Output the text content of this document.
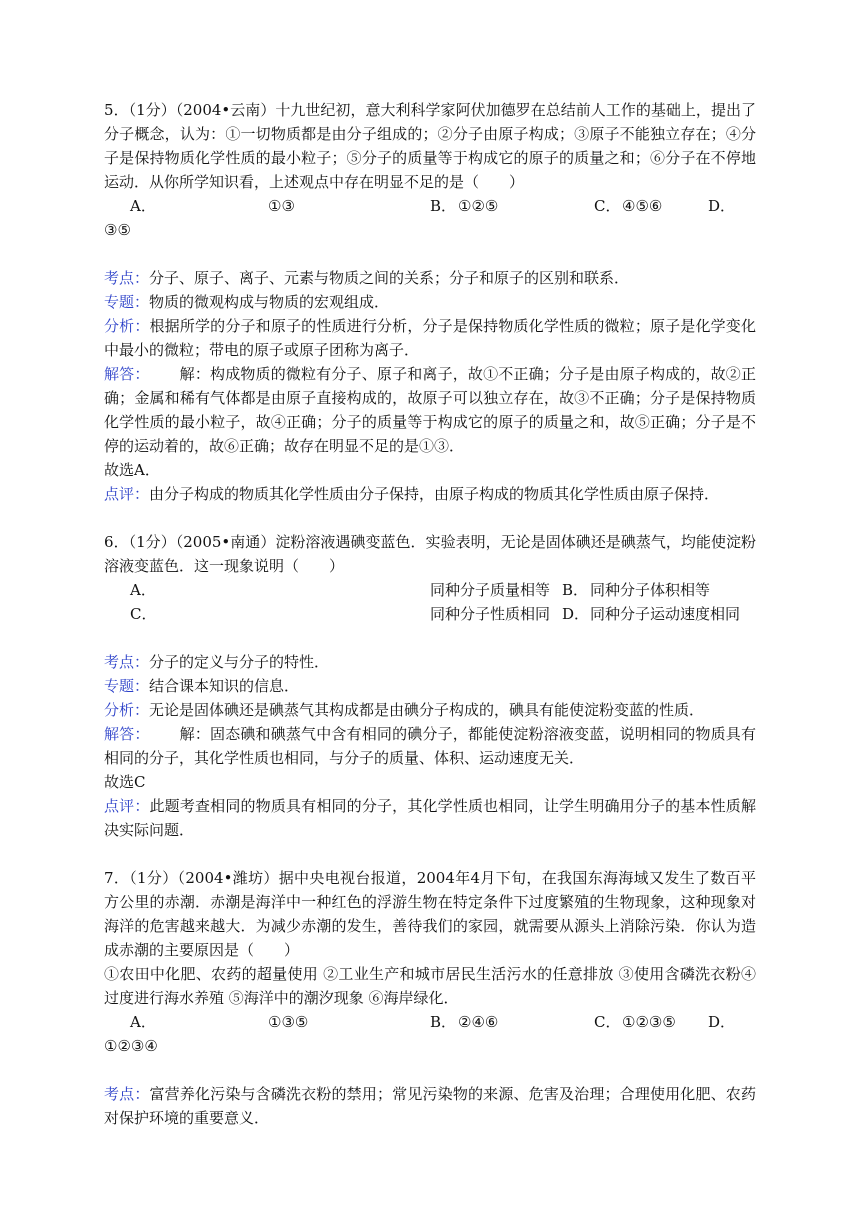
5．（1分）（2004•云南）十九世纪初，意大利科学家阿伏加德罗在总结前人工作的基础上，提出了分子概念，认为：①一切物质都是由分子组成的；②分子由原子构成；③原子不能独立存在；④分子是保持物质化学性质的最小粒子；⑤分子的质量等于构成它的原子的质量之和；⑥分子在不停地运动．从你所学知识看，上述观点中存在明显不足的是（　　）

A．	①③	B． ①②⑤	C． ④⑤⑥	D．
③⑤

考点：分子、原子、离子、元素与物质之间的关系；分子和原子的区别和联系．

专题：物质的微观构成与物质的宏观组成．

分析：根据所学的分子和原子的性质进行分析，分子是保持物质化学性质的微粒；原子是化学变化中最小的微粒；带电的原子或原子团称为离子．

解答： 解：构成物质的微粒有分子、原子和离子，故①不正确；分子是由原子构成的，故②正确；金属和稀有气体都是由原子直接构成的，故原子可以独立存在，故③不正确；分子是保持物质化学性质的最小粒子，故④正确；分子的质量等于构成它的原子的质量之和，故⑤正确；分子是不停的运动着的，故⑥正确；故存在明显不足的是①③．

故选A．

点评：由分子构成的物质其化学性质由分子保持，由原子构成的物质其化学性质由原子保持．

6．（1分）（2005•南通）淀粉溶液遇碘变蓝色．实验表明，无论是固体碘还是碘蒸气，均能使淀粉溶液变蓝色．这一现象说明（　　）

A．	同种分子质量相等 B． 同种分子体积相等
C．	同种分子性质相同 D． 同种分子运动速度相同

考点：分子的定义与分子的特性．

专题：结合课本知识的信息．

分析：无论是固体碘还是碘蒸气其构成都是由碘分子构成的，碘具有能使淀粉变蓝的性质．

解答： 解：固态碘和碘蒸气中含有相同的碘分子，都能使淀粉溶液变蓝，说明相同的物质具有相同的分子，其化学性质也相同，与分子的质量、体积、运动速度无关．

故选C

点评：此题考查相同的物质具有相同的分子，其化学性质也相同，让学生明确用分子的基本性质解决实际问题．

7．（1分）（2004•潍坊）据中央电视台报道，2004年4月下旬，在我国东海海域又发生了数百平方公里的赤潮．赤潮是海洋中一种红色的浮游生物在特定条件下过度繁殖的生物现象，这种现象对海洋的危害越来越大．为减少赤潮的发生，善待我们的家园，就需要从源头上消除污染．你认为造成赤潮的主要原因是（　　）

①农田中化肥、农药的超量使用 ②工业生产和城市居民生活污水的任意排放 ③使用含磷洗衣粉④过度进行海水养殖 ⑤海洋中的潮汐现象 ⑥海岸绿化．

A．	①③⑤	B． ②④⑥	C． ①②③⑤ D．
①②③④

考点：富营养化污染与含磷洗衣粉的禁用；常见污染物的来源、危害及治理；合理使用化肥、农药对保护环境的重要意义．
